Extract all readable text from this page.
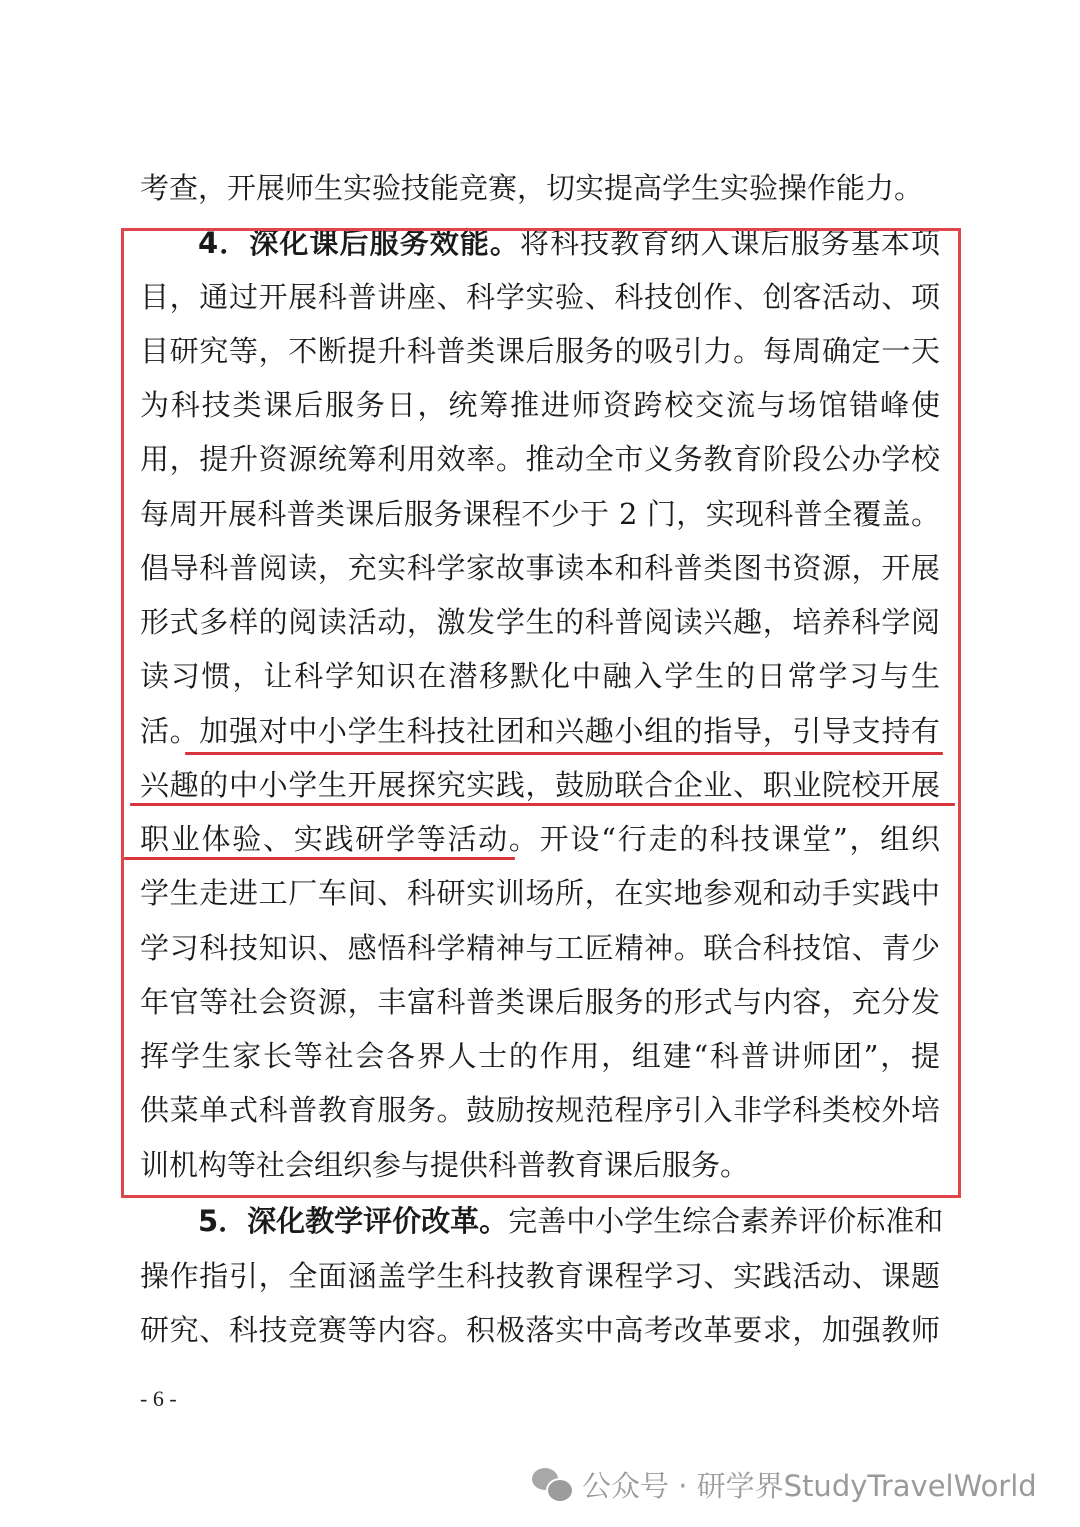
考查，开展师生实验技能竞赛，切实提高学生实验操作能力。
4．深化课后服务效能。将科技教育纳入课后服务基本项
目，通过开展科普讲座、科学实验、科技创作、创客活动、项
目研究等，不断提升科普类课后服务的吸引力。每周确定一天
为科技类课后服务日，统筹推进师资跨校交流与场馆错峰使
用，提升资源统筹利用效率。推动全市义务教育阶段公办学校
每周开展科普类课后服务课程不少于 2 门，实现科普全覆盖。
倡导科普阅读，充实科学家故事读本和科普类图书资源，开展
形式多样的阅读活动，激发学生的科普阅读兴趣，培养科学阅
读习惯，让科学知识在潜移默化中融入学生的日常学习与生
活。加强对中小学生科技社团和兴趣小组的指导，引导支持有
兴趣的中小学生开展探究实践，鼓励联合企业、职业院校开展
职业体验、实践研学等活动。开设“行走的科技课堂”，组织
学生走进工厂车间、科研实训场所，在实地参观和动手实践中
学习科技知识、感悟科学精神与工匠精神。联合科技馆、青少
年官等社会资源，丰富科普类课后服务的形式与内容，充分发
挥学生家长等社会各界人士的作用，组建“科普讲师团”，提
供菜单式科普教育服务。鼓励按规范程序引入非学科类校外培
训机构等社会组织参与提供科普教育课后服务。
5．深化教学评价改革。完善中小学生综合素养评价标准和
操作指引，全面涵盖学生科技教育课程学习、实践活动、课题
研究、科技竞赛等内容。积极落实中高考改革要求，加强教师
- 6 -
公众号 · 研学界StudyTravelWorld
